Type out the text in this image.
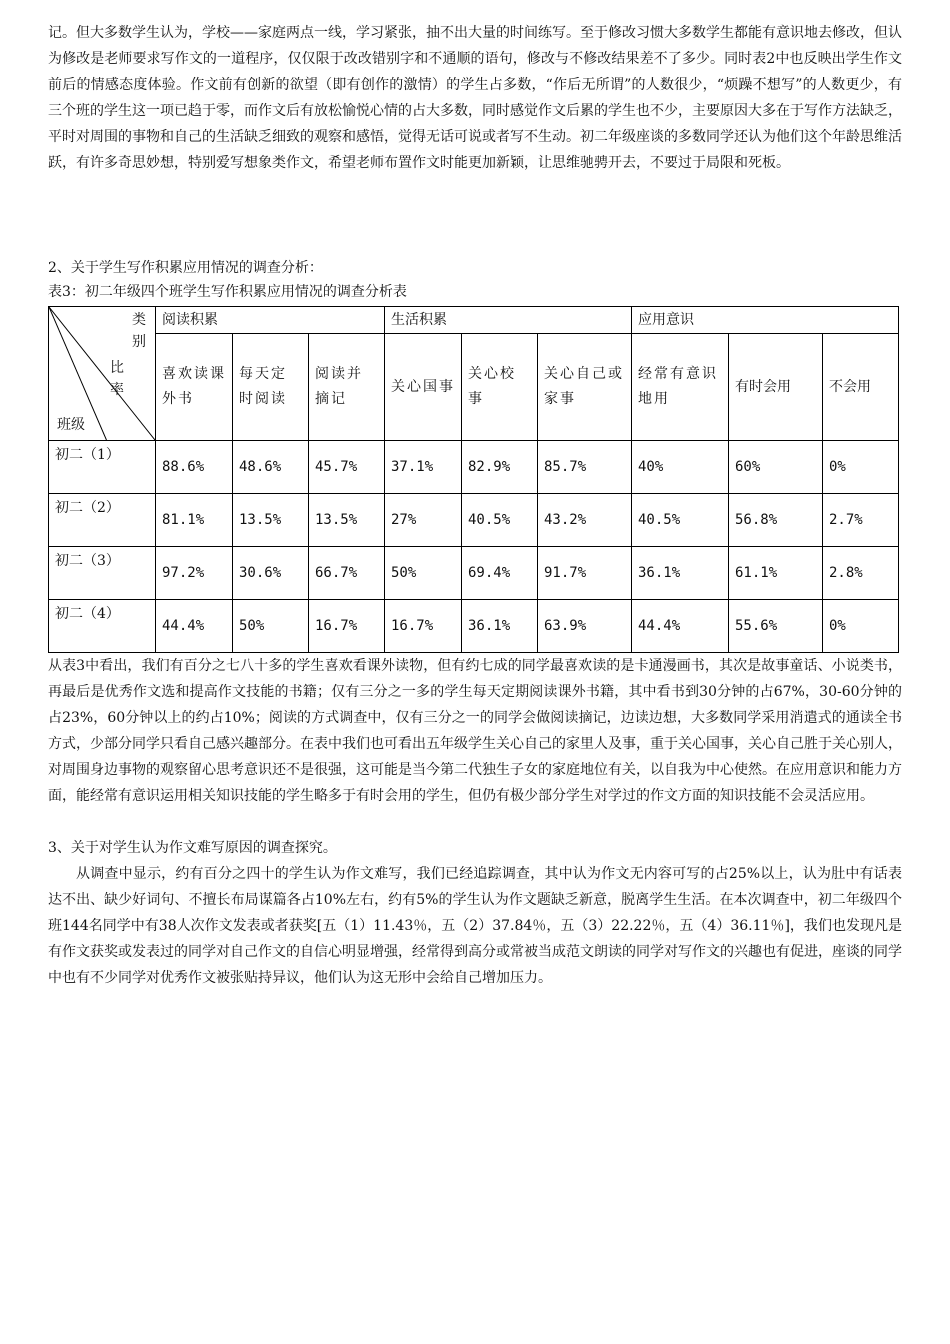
记。但大多数学生认为，学校——家庭两点一线，学习紧张，抽不出大量的时间练写。至于修改习惯大多数学生都能有意识地去修改，但认为修改是老师要求写作文的一道程序，仅仅限于改改错别字和不通顺的语句，修改与不修改结果差不了多少。同时表2中也反映出学生作文前后的情感态度体验。作文前有创新的欲望（即有创作的激情）的学生占多数，“作后无所谓”的人数很少，“烦躁不想写”的人数更少，有三个班的学生这一项已趋于零，而作文后有放松愉悦心情的占大多数，同时感觉作文后累的学生也不少，主要原因大多在于写作方法缺乏，平时对周围的事物和自己的生活缺乏细致的观察和感悟，觉得无话可说或者写不生动。初二年级座谈的多数同学还认为他们这个年龄思维活跃，有许多奇思妙想，特别爱写想象类作文，希望老师布置作文时能更加新颖，让思维驰骋开去，不要过于局限和死板。

2、关于学生写作积累应用情况的调查分析：

表3：初二年级四个班学生写作积累应用情况的调查分析表

类别
比率
班级	阅读积累			生活积累			应用意识		
	喜欢读课外书	每天定时阅读	阅读并摘记	关心国事	关心校事	关心自己或家事	经常有意识地用	有时会用	不会用
初二（1）	88.6%	48.6%	45.7%	37.1%	82.9%	85.7%	40%	60%	0%
初二（2）	81.1%	13.5%	13.5%	27%	40.5%	43.2%	40.5%	56.8%	2.7%
初二（3）	97.2%	30.6%	66.7%	50%	69.4%	91.7%	36.1%	61.1%	2.8%
初二（4）	44.4%	50%	16.7%	16.7%	36.1%	63.9%	44.4%	55.6%	0%

从表3中看出，我们有百分之七八十多的学生喜欢看课外读物，但有约七成的同学最喜欢读的是卡通漫画书，其次是故事童话、小说类书，再最后是优秀作文选和提高作文技能的书籍；仅有三分之一多的学生每天定期阅读课外书籍，其中看书到30分钟的占67%，30-60分钟的占23%，60分钟以上的约占10%；阅读的方式调查中，仅有三分之一的同学会做阅读摘记，边读边想，大多数同学采用消遣式的通读全书方式，少部分同学只看自己感兴趣部分。在表中我们也可看出五年级学生关心自己的家里人及事，重于关心国事，关心自己胜于关心别人，对周围身边事物的观察留心思考意识还不是很强，这可能是当今第二代独生子女的家庭地位有关，以自我为中心使然。在应用意识和能力方面，能经常有意识运用相关知识技能的学生略多于有时会用的学生，但仍有极少部分学生对学过的作文方面的知识技能不会灵活应用。

3、关于对学生认为作文难写原因的调查探究。

从调查中显示，约有百分之四十的学生认为作文难写，我们已经追踪调查，其中认为作文无内容可写的占25%以上，认为肚中有话表达不出、缺少好词句、不擅长布局谋篇各占10%左右，约有5%的学生认为作文题缺乏新意，脱离学生生活。在本次调查中，初二年级四个班144名同学中有38人次作文发表或者获奖[五（1）11.43％，五（2）37.84％，五（3）22.22％，五（4）36.11％]，我们也发现凡是有作文获奖或发表过的同学对自己作文的自信心明显增强，经常得到高分或常被当成范文朗读的同学对写作文的兴趣也有促进，座谈的同学中也有不少同学对优秀作文被张贴持异议，他们认为这无形中会给自己增加压力。
